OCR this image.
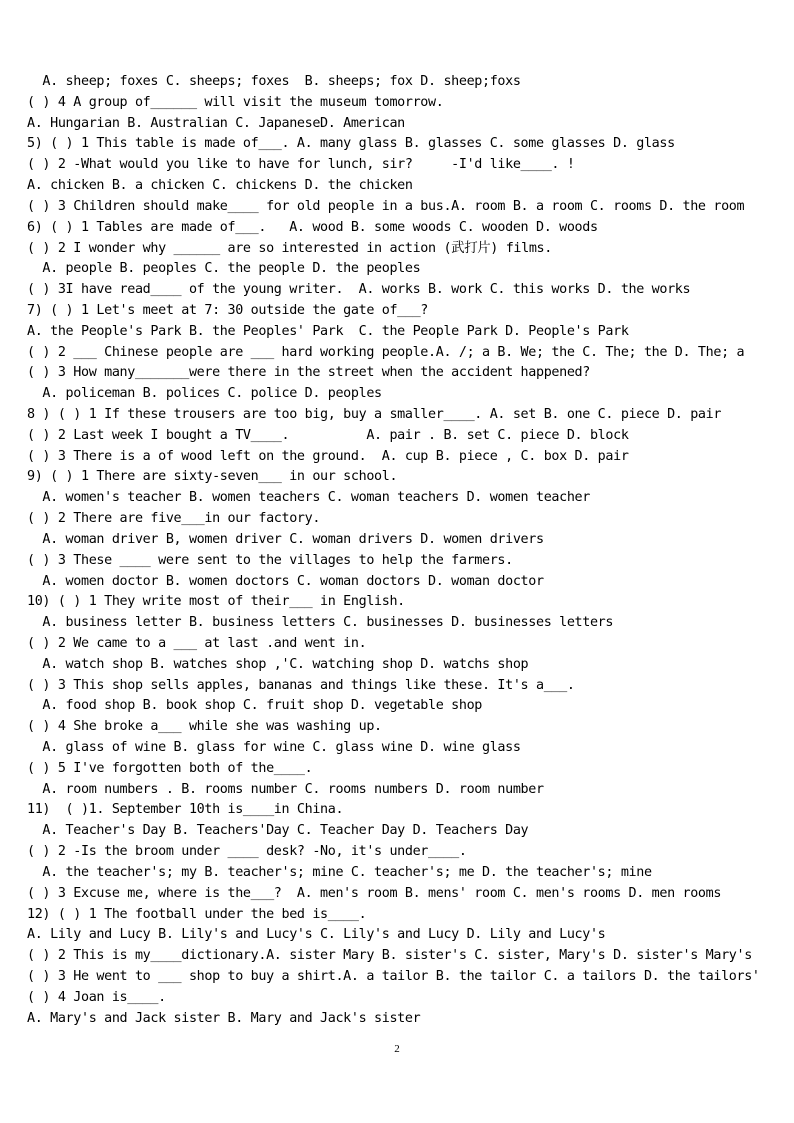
A. sheep; foxes C. sheeps; foxes  B. sheeps; fox D. sheep;foxs
( ) 4 A group of______ will visit the museum tomorrow.
A. Hungarian B. Australian C. JapaneseD. American
5) ( ) 1 This table is made of___. A. many glass B. glasses C. some glasses D. glass
( ) 2 -What would you like to have for lunch, sir?     -I'd like____. !
A. chicken B. a chicken C. chickens D. the chicken
( ) 3 Children should make____ for old people in a bus.A. room B. a room C. rooms D. the room
6) ( ) 1 Tables are made of___.   A. wood B. some woods C. wooden D. woods
( ) 2 I wonder why ______ are so interested in action (武打片) films.
A. people B. peoples C. the people D. the peoples
( ) 3I have read____ of the young writer.  A. works B. work C. this works D. the works
7) ( ) 1 Let's meet at 7: 30 outside the gate of___?
A. the People's Park B. the Peoples' Park  C. the People Park D. People's Park
( ) 2 ___ Chinese people are ___ hard working people.A. /; a B. We; the C. The; the D. The; a
( ) 3 How many_______were there in the street when the accident happened?
A. policeman B. polices C. police D. peoples
8 ) ( ) 1 If these trousers are too big, buy a smaller____. A. set B. one C. piece D. pair
( ) 2 Last week I bought a TV____.          A. pair . B. set C. piece D. block
( ) 3 There is a of wood left on the ground.  A. cup B. piece , C. box D. pair
9) ( ) 1 There are sixty-seven___ in our school.
A. women's teacher B. women teachers C. woman teachers D. women teacher
( ) 2 There are five___in our factory.
A. woman driver B, women driver C. woman drivers D. women drivers
( ) 3 These ____ were sent to the villages to help the farmers.
A. women doctor B. women doctors C. woman doctors D. woman doctor
10) ( ) 1 They write most of their___ in English.
A. business letter B. business letters C. businesses D. businesses letters
( ) 2 We came to a ___ at last .and went in.
A. watch shop B. watches shop ,'C. watching shop D. watchs shop
( ) 3 This shop sells apples, bananas and things like these. It's a___.
A. food shop B. book shop C. fruit shop D. vegetable shop
( ) 4 She broke a___ while she was washing up.
A. glass of wine B. glass for wine C. glass wine D. wine glass
( ) 5 I've forgotten both of the____.
A. room numbers . B. rooms number C. rooms numbers D. room number
11)  ( )1. September 10th is____in China.
A. Teacher's Day B. Teachers'Day C. Teacher Day D. Teachers Day
( ) 2 -Is the broom under ____ desk? -No, it's under____.
A. the teacher's; my B. teacher's; mine C. teacher's; me D. the teacher's; mine
( ) 3 Excuse me, where is the___?  A. men's room B. mens' room C. men's rooms D. men rooms
12) ( ) 1 The football under the bed is____.
A. Lily and Lucy B. Lily's and Lucy's C. Lily's and Lucy D. Lily and Lucy's
( ) 2 This is my____dictionary.A. sister Mary B. sister's C. sister, Mary's D. sister's Mary's
( ) 3 He went to ___ shop to buy a shirt.A. a tailor B. the tailor C. a tailors D. the tailors'
( ) 4 Joan is____.
A. Mary's and Jack sister B. Mary and Jack's sister
2
